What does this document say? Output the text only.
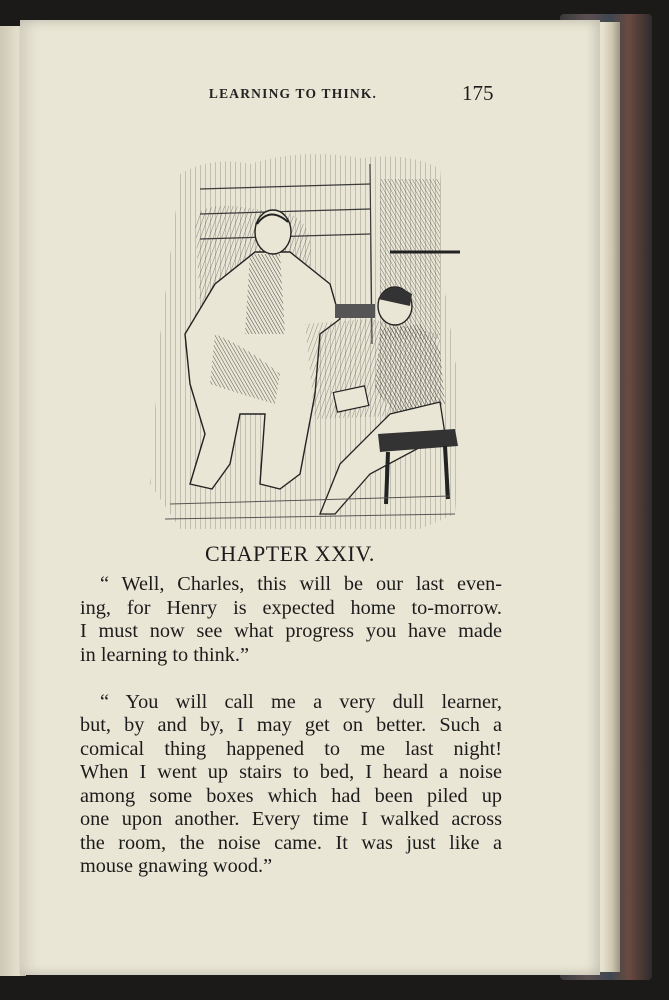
LEARNING TO THINK.	175
CHAPTER XXIV.
“ Well, Charles, this will be our last even-
ing, for Henry is expected home to-morrow.
I must now see what progress you have made
in learning to think.”
“ You will call me a very dull learner,
but, by and by, I may get on better. Such a
comical thing happened to me last night!
When I went up stairs to bed, I heard a noise
among some boxes which had been piled up
one upon another. Every time I walked across
the room, the noise came. It was just like a
mouse gnawing wood.”
